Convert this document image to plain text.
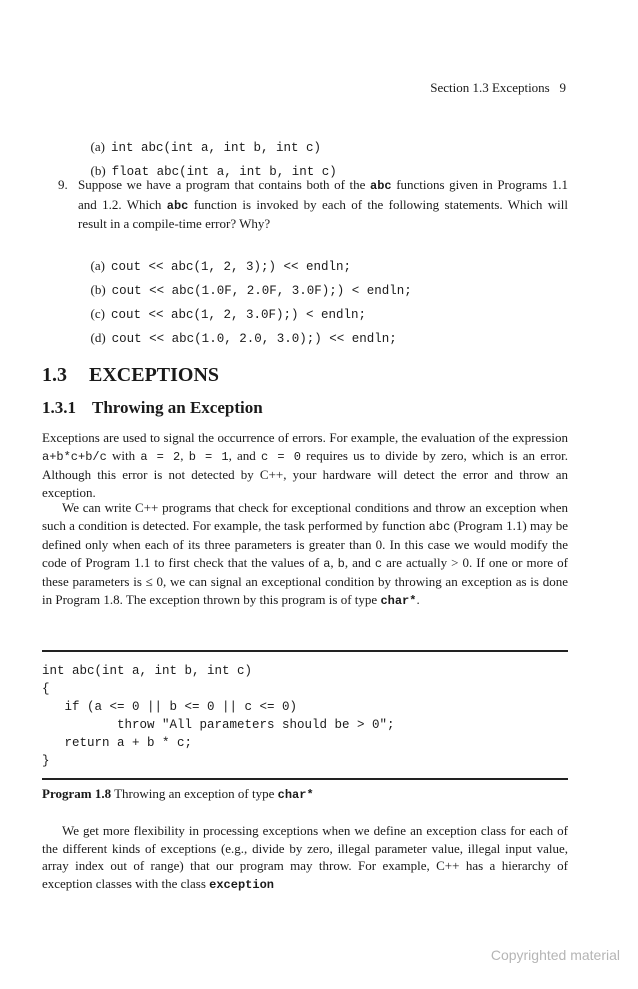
Section 1.3 Exceptions   9

(a) int abc(int a, int b, int c)

(b) float abc(int a, int b, int c)

9. Suppose we have a program that contains both of the abc functions given in Programs 1.1 and 1.2. Which abc function is invoked by each of the following statements. Which will result in a compile-time error? Why?

(a) cout << abc(1, 2, 3);) << endln;

(b) cout << abc(1.0F, 2.0F, 3.0F);) < endln;

(c) cout << abc(1, 2, 3.0F);) < endln;

(d) cout << abc(1.0, 2.0, 3.0);) << endln;

1.3 EXCEPTIONS
1.3.1 Throwing an Exception
Exceptions are used to signal the occurrence of errors. For example, the evaluation of the expression a+b*c+b/c with a = 2, b = 1, and c = 0 requires us to divide by zero, which is an error. Although this error is not detected by C++, your hardware will detect the error and throw an exception.
We can write C++ programs that check for exceptional conditions and throw an exception when such a condition is detected. For example, the task performed by function abc (Program 1.1) may be defined only when each of its three parameters is greater than 0. In this case we would modify the code of Program 1.1 to first check that the values of a, b, and c are actually > 0. If one or more of these parameters is ≤ 0, we can signal an exceptional condition by throwing an exception as is done in Program 1.8. The exception thrown by this program is of type char*.
int abc(int a, int b, int c)
{
if (a <= 0 || b <= 0 || c <= 0)
throw "All parameters should be > 0";
return a + b * c;
}
Program 1.8 Throwing an exception of type char*
We get more flexibility in processing exceptions when we define an exception class for each of the different kinds of exceptions (e.g., divide by zero, illegal parameter value, illegal input value, array index out of range) that our program may throw. For example, C++ has a hierarchy of exception classes with the class exception
Copyrighted material
